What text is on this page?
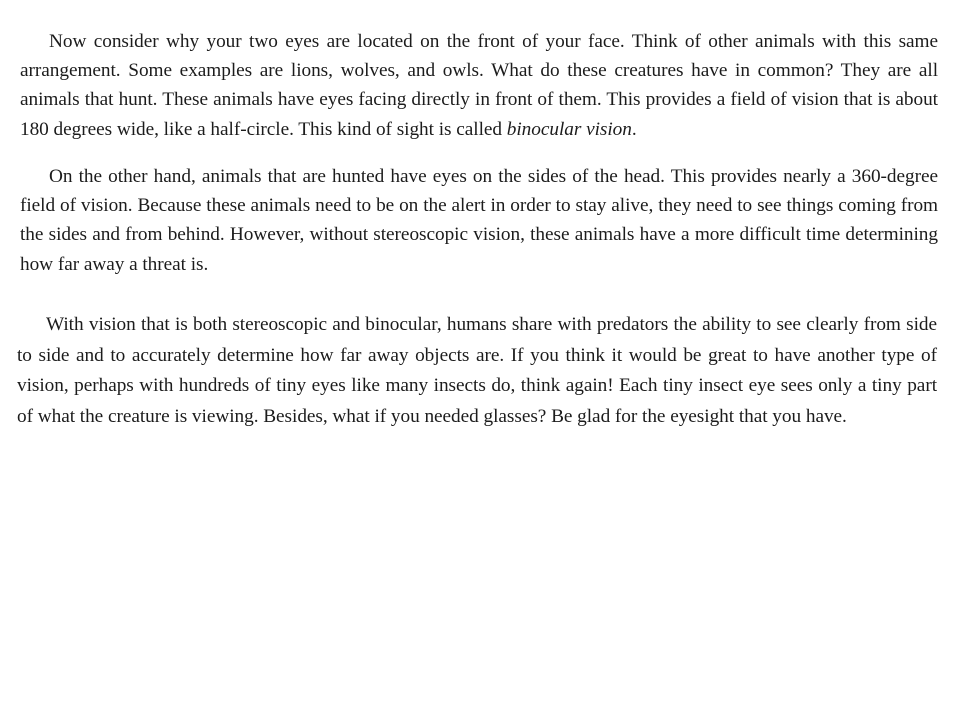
Now consider why your two eyes are located on the front of your face. Think of other animals with this same arrangement. Some examples are lions, wolves, and owls. What do these creatures have in common? They are all animals that hunt. These animals have eyes facing directly in front of them. This provides a field of vision that is about 180 degrees wide, like a half-circle. This kind of sight is called binocular vision.

On the other hand, animals that are hunted have eyes on the sides of the head. This provides nearly a 360-degree field of vision. Because these animals need to be on the alert in order to stay alive, they need to see things coming from the sides and from behind. However, without stereoscopic vision, these animals have a more difficult time determining how far away a threat is.

With vision that is both stereoscopic and binocular, humans share with predators the ability to see clearly from side to side and to accurately determine how far away objects are. If you think it would be great to have another type of vision, perhaps with hundreds of tiny eyes like many insects do, think again! Each tiny insect eye sees only a tiny part of what the creature is viewing. Besides, what if you needed glasses? Be glad for the eyesight that you have.
